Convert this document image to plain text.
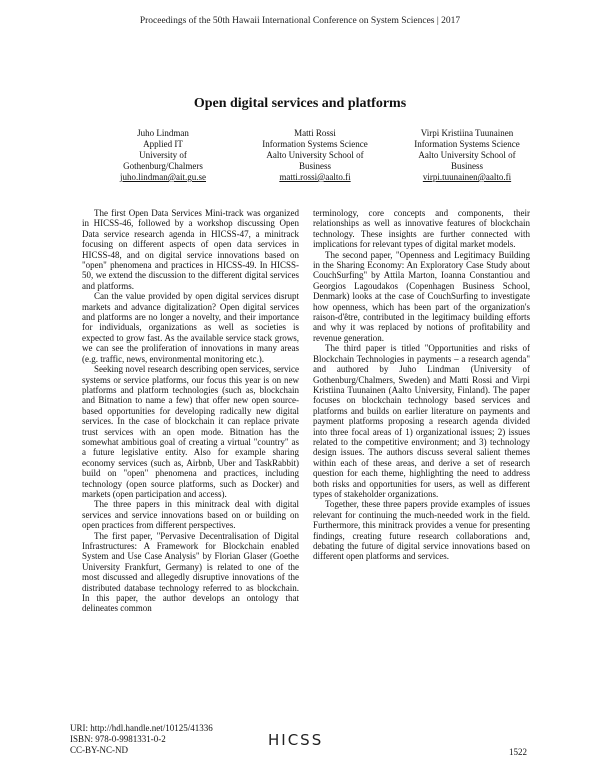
Proceedings of the 50th Hawaii International Conference on System Sciences | 2017
Open digital services and platforms
Juho Lindman
Applied IT
University of
Gothenburg/Chalmers
juho.lindman@ait.gu.se
Matti Rossi
Information Systems Science
Aalto University School of
Business
matti.rossi@aalto.fi
Virpi Kristiina Tuunainen
Information Systems Science
Aalto University School of
Business
virpi.tuunainen@aalto.fi

The first Open Data Services Mini-track was organized in HICSS-46, followed by a workshop discussing Open Data service research agenda in HICSS-47, a minitrack focusing on different aspects of open data services in HICSS-48, and on digital service innovations based on "open" phenomena and practices in HICSS-49. In HICSS-50, we extend the discussion to the different digital services and platforms.

Can the value provided by open digital services disrupt markets and advance digitalization? Open digital services and platforms are no longer a novelty, and their importance for individuals, organizations as well as societies is expected to grow fast. As the available service stack grows, we can see the proliferation of innovations in many areas (e.g. traffic, news, environmental monitoring etc.).

Seeking novel research describing open services, service systems or service platforms, our focus this year is on new platforms and platform technologies (such as, blockchain and Bitnation to name a few) that offer new open source-based opportunities for developing radically new digital services. In the case of blockchain it can replace private trust services with an open mode. Bitnation has the somewhat ambitious goal of creating a virtual "country" as a future legislative entity. Also for example sharing economy services (such as, Airbnb, Uber and TaskRabbit) build on "open" phenomena and practices, including technology (open source platforms, such as Docker) and markets (open participation and access).

The three papers in this minitrack deal with digital services and service innovations based on or building on open practices from different perspectives.

The first paper, "Pervasive Decentralisation of Digital Infrastructures: A Framework for Blockchain enabled System and Use Case Analysis" by Florian Glaser (Goethe University Frankfurt, Germany) is related to one of the most discussed and allegedly disruptive innovations of the distributed database technology referred to as blockchain. In this paper, the author develops an ontology that delineates common

terminology, core concepts and components, their relationships as well as innovative features of blockchain technology. These insights are further connected with implications for relevant types of digital market models.

The second paper, "Openness and Legitimacy Building in the Sharing Economy: An Exploratory Case Study about CouchSurfing" by Attila Marton, Ioanna Constantiou and Georgios Lagoudakos (Copenhagen Business School, Denmark) looks at the case of CouchSurfing to investigate how openness, which has been part of the organization's raison-d'être, contributed in the legitimacy building efforts and why it was replaced by notions of profitability and revenue generation.

The third paper is titled "Opportunities and risks of Blockchain Technologies in payments – a research agenda" and authored by Juho Lindman (University of Gothenburg/Chalmers, Sweden) and Matti Rossi and Virpi Kristiina Tuunainen (Aalto University, Finland). The paper focuses on blockchain technology based services and platforms and builds on earlier literature on payments and payment platforms proposing a research agenda divided into three focal areas of 1) organizational issues; 2) issues related to the competitive environment; and 3) technology design issues. The authors discuss several salient themes within each of these areas, and derive a set of research question for each theme, highlighting the need to address both risks and opportunities for users, as well as different types of stakeholder organizations.

Together, these three papers provide examples of issues relevant for continuing the much-needed work in the field. Furthermore, this minitrack provides a venue for presenting findings, creating future research collaborations and, debating the future of digital service innovations based on different open platforms and services.

URI: http://hdl.handle.net/10125/41336
ISBN: 978-0-9981331-0-2
CC-BY-NC-ND
HICSS
1522
